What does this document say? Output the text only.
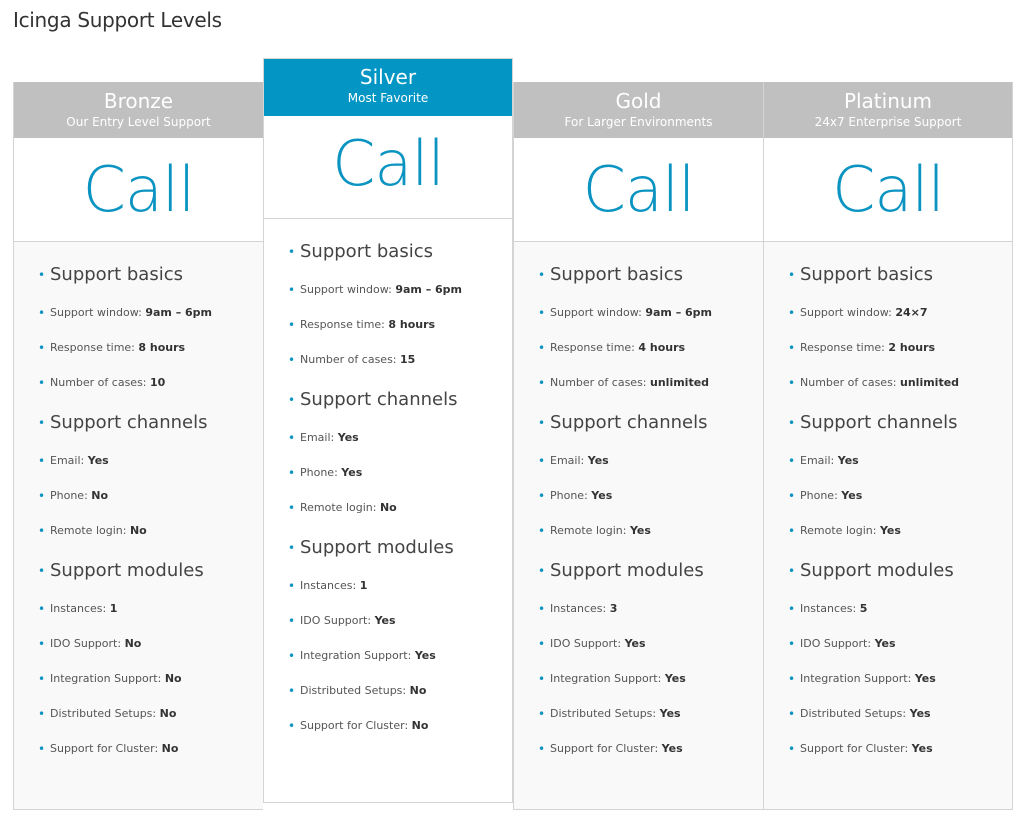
Icinga Support Levels
Bronze
Our Entry Level Support
Call
• Support basics
• Support window: 9am – 6pm
• Response time: 8 hours
• Number of cases: 10
• Support channels
• Email: Yes
• Phone: No
• Remote login: No
• Support modules
• Instances: 1
• IDO Support: No
• Integration Support: No
• Distributed Setups: No
• Support for Cluster: No
Silver
Most Favorite
Call
• Support basics
• Support window: 9am – 6pm
• Response time: 8 hours
• Number of cases: 15
• Support channels
• Email: Yes
• Phone: Yes
• Remote login: No
• Support modules
• Instances: 1
• IDO Support: Yes
• Integration Support: Yes
• Distributed Setups: No
• Support for Cluster: No
Gold
For Larger Environments
Call
• Support basics
• Support window: 9am – 6pm
• Response time: 4 hours
• Number of cases: unlimited
• Support channels
• Email: Yes
• Phone: Yes
• Remote login: Yes
• Support modules
• Instances: 3
• IDO Support: Yes
• Integration Support: Yes
• Distributed Setups: Yes
• Support for Cluster: Yes
Platinum
24x7 Enterprise Support
Call
• Support basics
• Support window: 24×7
• Response time: 2 hours
• Number of cases: unlimited
• Support channels
• Email: Yes
• Phone: Yes
• Remote login: Yes
• Support modules
• Instances: 5
• IDO Support: Yes
• Integration Support: Yes
• Distributed Setups: Yes
• Support for Cluster: Yes
